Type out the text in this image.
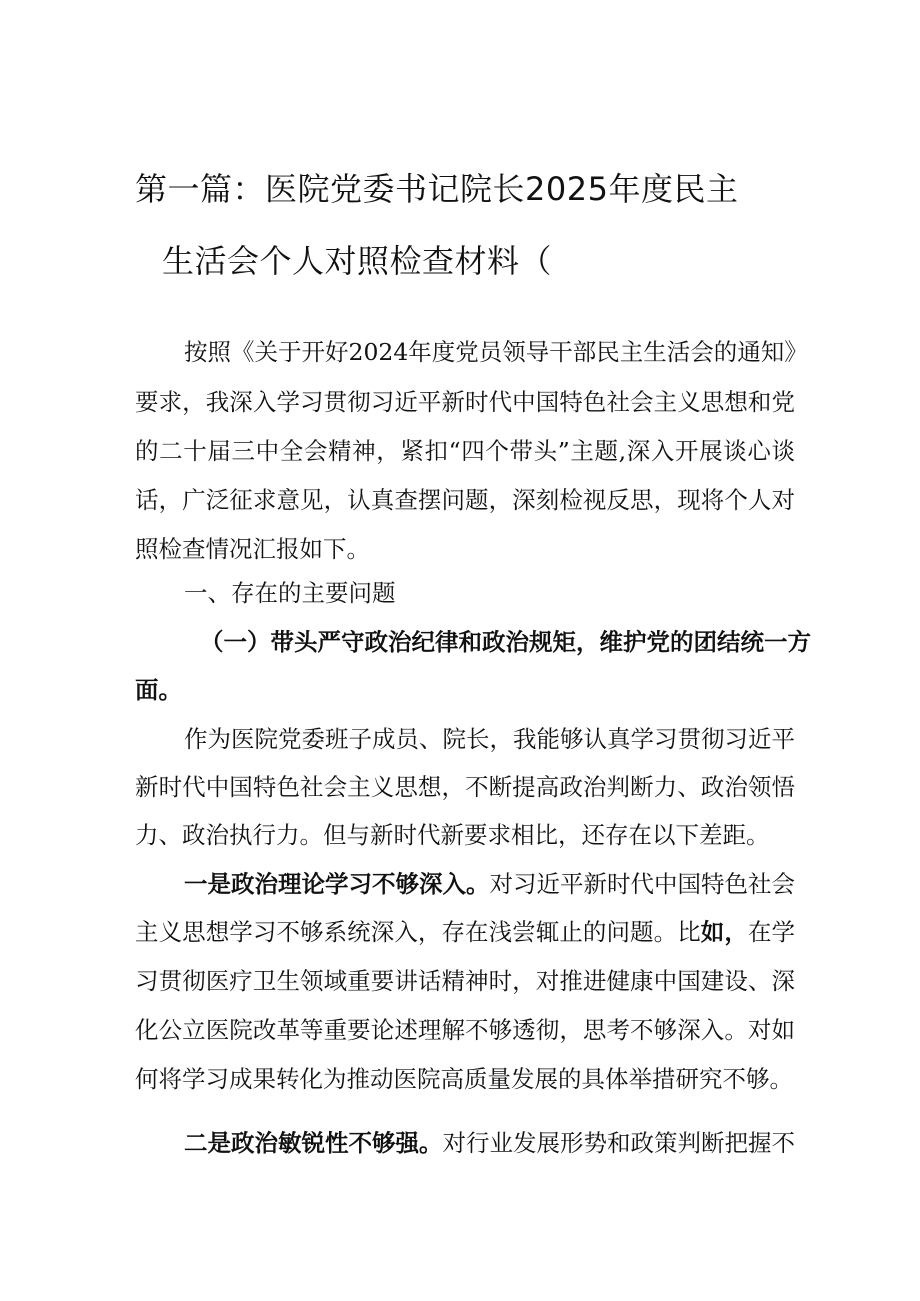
第一篇：医院党委书记院长2025年度民主
生活会个人对照检查材料（
按照《关于开好2024年度党员领导干部民主生活会的通知》
要求，我深入学习贯彻习近平新时代中国特色社会主义思想和党
的二十届三中全会精神，紧扣“四个带头”主题,深入开展谈心谈
话，广泛征求意见，认真查摆问题，深刻检视反思，现将个人对
照检查情况汇报如下。
一、存在的主要问题
（一）带头严守政治纪律和政治规矩，维护党的团结统一方
面。
作为医院党委班子成员、院长，我能够认真学习贯彻习近平
新时代中国特色社会主义思想，不断提高政治判断力、政治领悟
力、政治执行力。但与新时代新要求相比，还存在以下差距。
一是政治理论学习不够深入。对习近平新时代中国特色社会
主义思想学习不够系统深入，存在浅尝辄止的问题。比如，在学
习贯彻医疗卫生领域重要讲话精神时，对推进健康中国建设、深
化公立医院改革等重要论述理解不够透彻，思考不够深入。对如
何将学习成果转化为推动医院高质量发展的具体举措研究不够。
二是政治敏锐性不够强。对行业发展形势和政策判断把握不
